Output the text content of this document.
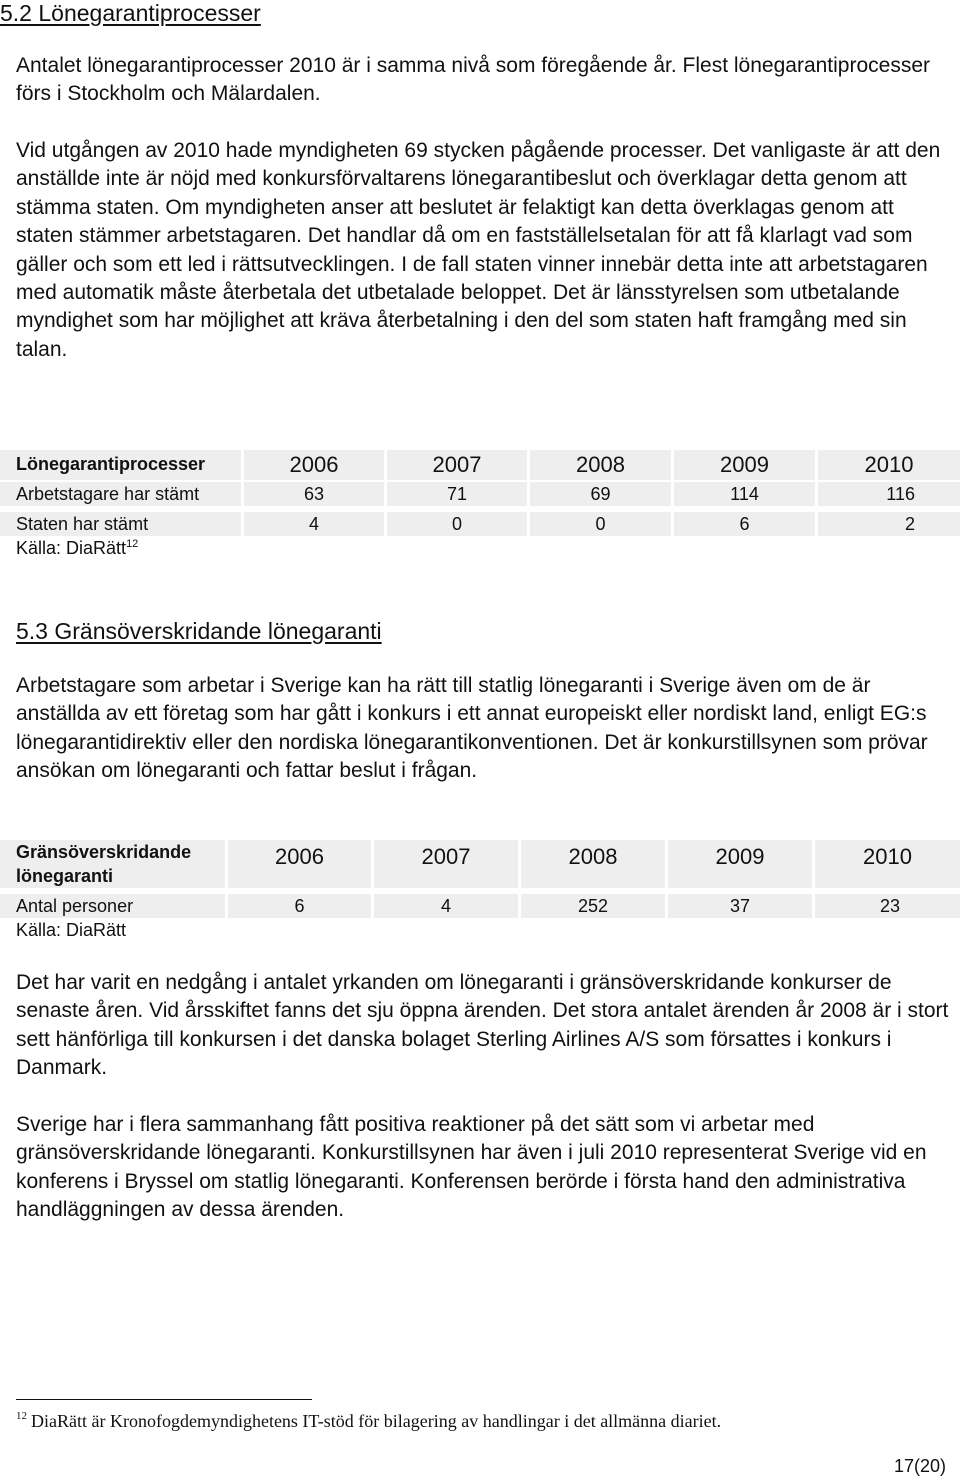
5.2 Lönegarantiprocesser

Antalet lönegarantiprocesser 2010 är i samma nivå som föregående år. Flest lönegarantiprocesser förs i Stockholm och Mälardalen.

Vid utgången av 2010 hade myndigheten 69 stycken pågående processer. Det vanligaste är att den anställde inte är nöjd med konkursförvaltarens lönegarantibeslut och överklagar detta genom att stämma staten. Om myndigheten anser att beslutet är felaktigt kan detta överklagas genom att staten stämmer arbetstagaren. Det handlar då om en fastställelsetalan för att få klarlagt vad som gäller och som ett led i rättsutvecklingen. I de fall staten vinner innebär detta inte att arbetstagaren med automatik måste återbetala det utbetalade beloppet. Det är länsstyrelsen som utbetalande myndighet som har möjlighet att kräva återbetalning i den del som staten haft framgång med sin talan.

Lönegarantiprocesser	2006	2007	2008	2009	2010
Arbetstagare har stämt	63	71	69	114	116
Staten har stämt	4	0	0	6	2
Källa: DiaRätt$^{12}$
5.3 Gränsöverskridande lönegaranti

Arbetstagare som arbetar i Sverige kan ha rätt till statlig lönegaranti i Sverige även om de är anställda av ett företag som har gått i konkurs i ett annat europeiskt eller nordiskt land, enligt EG:s lönegarantidirektiv eller den nordiska lönegarantikonventionen. Det är konkurstillsynen som prövar ansökan om lönegaranti och fattar beslut i frågan.

Gränsöverskridande
lönegaranti
2006	2007	2008	2009	2010
Antal personer	6	4	252	37	23
Källa: DiaRätt

Det har varit en nedgång i antalet yrkanden om lönegaranti i gränsöverskridande konkurser de senaste åren. Vid årsskiftet fanns det sju öppna ärenden. Det stora antalet ärenden år 2008 är i stort sett hänförliga till konkursen i det danska bolaget Sterling Airlines A/S som försattes i konkurs i Danmark.

Sverige har i flera sammanhang fått positiva reaktioner på det sätt som vi arbetar med gränsöverskridande lönegaranti. Konkurstillsynen har även i juli 2010 representerat Sverige vid en konferens i Bryssel om statlig lönegaranti. Konferensen berörde i första hand den administrativa handläggningen av dessa ärenden.

$^{12}$ DiaRätt är Kronofogdemyndighetens IT-stöd för bilagering av handlingar i det allmänna diariet.
17(20)
